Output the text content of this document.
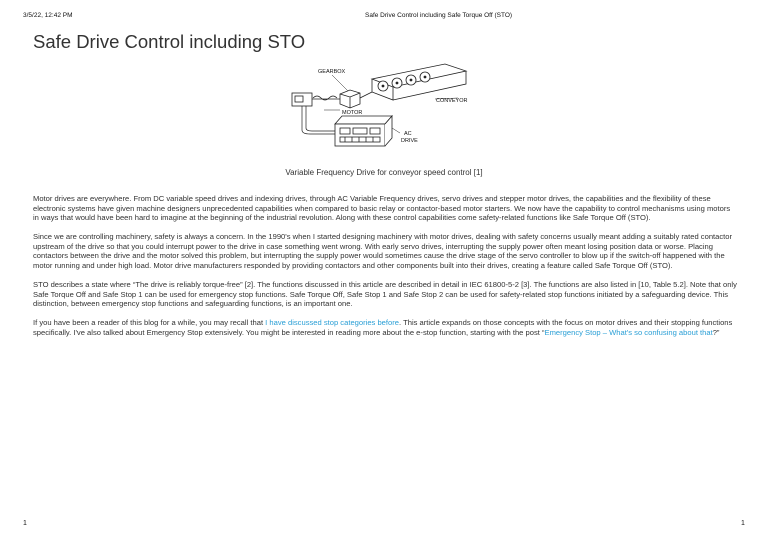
3/5/22, 12:42 PM	Safe Drive Control including Safe Torque Off (STO)
Safe Drive Control including STO
GEARBOX
CONVEYOR
MOTOR
AC
DRIVE
Variable Frequency Drive for conveyor speed control [1]

Motor drives are everywhere. From DC variable speed drives and indexing drives, through AC Variable Frequency drives, servo drives and stepper motor drives, the capabilities and the flexibility of these electronic systems have given machine designers unprecedented capabilities when compared to basic relay or contactor-based motor starters. We now have the capability to control mechanisms using motors in ways that would have been hard to imagine at the beginning of the industrial revolution. Along with these control capabilities come safety-related functions like Safe Torque Off (STO).

Since we are controlling machinery, safety is always a concern. In the 1990's when I started designing machinery with motor drives, dealing with safety concerns usually meant adding a suitably rated contactor upstream of the drive so that you could interrupt power to the drive in case something went wrong. With early servo drives, interrupting the supply power often meant losing position data or worse. Placing contactors between the drive and the motor solved this problem, but interrupting the supply power would sometimes cause the drive stage of the servo controller to blow up if the switch-off happened with the motor running and under high load. Motor drive manufacturers responded by providing contactors and other components built into their drives, creating a feature called Safe Torque Off (STO).

STO describes a state where “The drive is reliably torque-free” [2]. The functions discussed in this article are described in detail in IEC 61800-5-2 [3]. The functions are also listed in [10, Table 5.2]. Note that only Safe Torque Off and Safe Stop 1 can be used for emergency stop functions. Safe Torque Off, Safe Stop 1 and Safe Stop 2 can be used for safety-related stop functions initiated by a safeguarding device. This distinction, between emergency stop functions and safeguarding functions, is an important one.

If you have been a reader of this blog for a while, you may recall that I have discussed stop categories before. This article expands on those concepts with the focus on motor drives and their stopping functions specifically. I've also talked about Emergency Stop extensively. You might be interested in reading more about the e-stop function, starting with the post “Emergency Stop – What's so confusing about that?”

1	1
